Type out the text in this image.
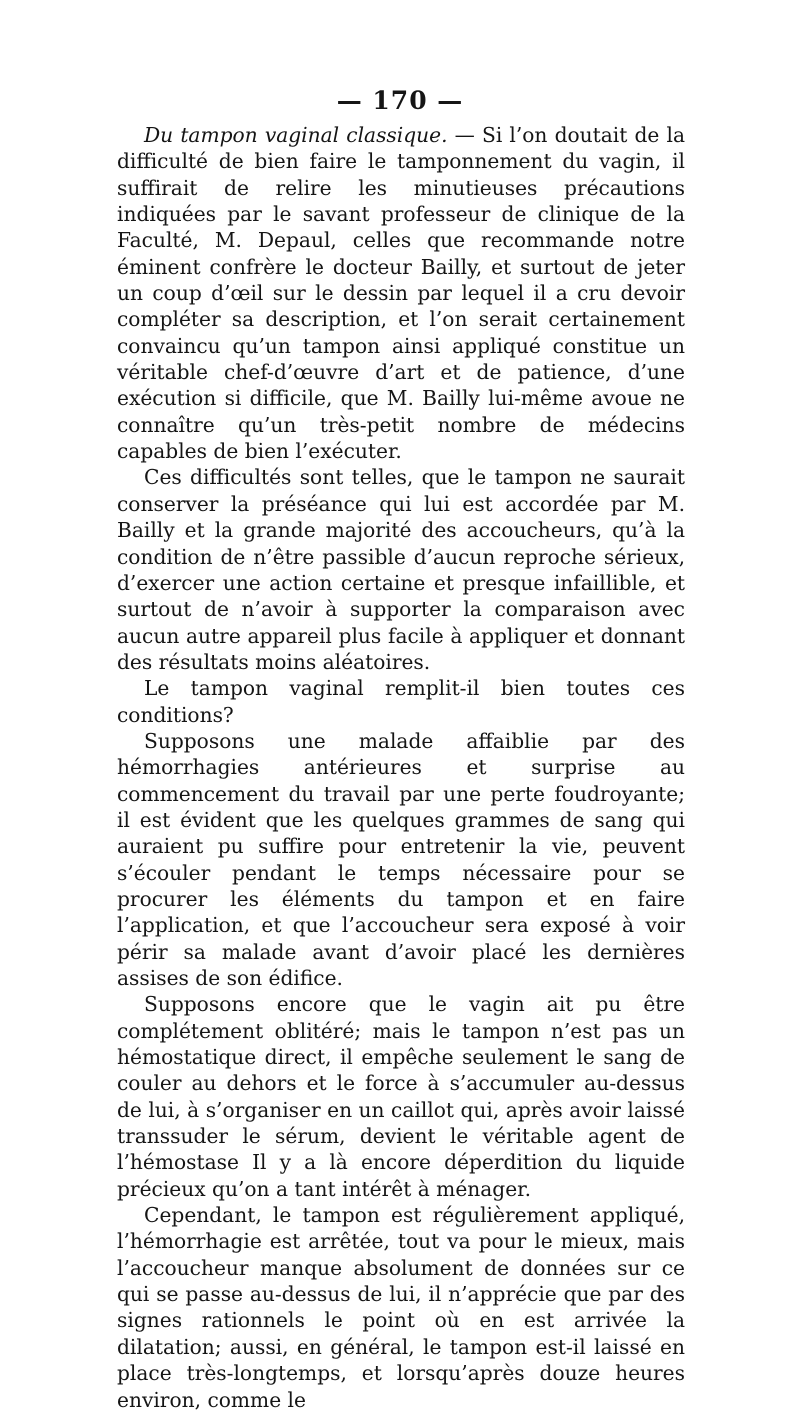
— 170 —

Du tampon vaginal classique. — Si l’on doutait de la difficulté de bien faire le tamponnement du vagin, il suffirait de relire les minutieuses précautions indiquées par le savant professeur de clinique de la Faculté, M. Depaul, celles que recommande notre éminent confrère le docteur Bailly, et surtout de jeter un coup d’œil sur le dessin par lequel il a cru devoir compléter sa description, et l’on serait certainement convaincu qu’un tampon ainsi appliqué constitue un véritable chef-d’œuvre d’art et de patience, d’une exécution si difficile, que M. Bailly lui-même avoue ne connaître qu’un très-petit nombre de médecins capables de bien l’exécuter.

Ces difficultés sont telles, que le tampon ne saurait conserver la préséance qui lui est accordée par M. Bailly et la grande majorité des accoucheurs, qu’à la condition de n’être passible d’aucun reproche sérieux, d’exercer une action certaine et presque infaillible, et surtout de n’avoir à supporter la comparaison avec aucun autre appareil plus facile à appliquer et donnant des résultats moins aléatoires.

Le tampon vaginal remplit-il bien toutes ces conditions?

Supposons une malade affaiblie par des hémorrhagies antérieures et surprise au commencement du travail par une perte foudroyante; il est évident que les quelques grammes de sang qui auraient pu suffire pour entretenir la vie, peuvent s’écouler pendant le temps nécessaire pour se procurer les éléments du tampon et en faire l’application, et que l’accoucheur sera exposé à voir périr sa malade avant d’avoir placé les dernières assises de son édifice.

Supposons encore que le vagin ait pu être complétement oblitéré; mais le tampon n’est pas un hémostatique direct, il empêche seulement le sang de couler au dehors et le force à s’accumuler au-dessus de lui, à s’organiser en un caillot qui, après avoir laissé transsuder le sérum, devient le véritable agent de l’hémostase Il y a là encore déperdition du liquide précieux qu’on a tant intérêt à ménager.

Cependant, le tampon est régulièrement appliqué, l’hémorrhagie est arrêtée, tout va pour le mieux, mais l’accoucheur manque absolument de données sur ce qui se passe au-dessus de lui, il n’apprécie que par des signes rationnels le point où en est arrivée la dilatation; aussi, en général, le tampon est-il laissé en place très-longtemps, et lorsqu’après douze heures environ, comme le
